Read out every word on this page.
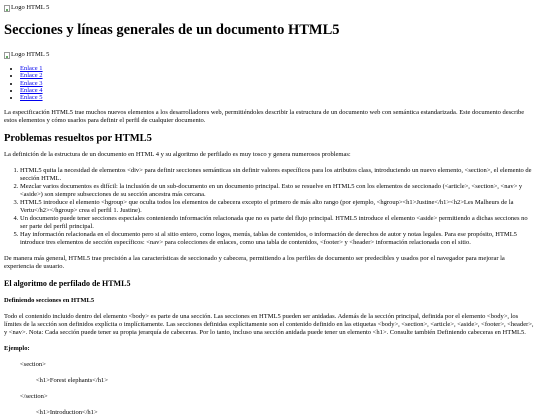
Logo HTML 5
Secciones y líneas generales de un documento HTML5
Logo HTML 5
• Enlace 1
• Enlace 2
• Enlace 3
• Enlace 4
• Enlace 5

La especificación HTML5 trae muchos nuevos elementos a los desarrolladores web, permitiéndoles describir la estructura de un documento web con semántica estandarizada. Este documento describe estos elementos y cómo usarlos para definir el perfil de cualquier documento.

Problemas resueltos por HTML5

La definición de la estructura de un documento en HTML 4 y su algoritmo de perfilado es muy tosco y genera numerosos problemas:

1. HTML5 quita la necesidad de elementos <div> para definir secciones semánticas sin definir valores específicos para los atributos class, introduciendo un nuevo elemento, <section>, el elemento de sección HTML.
2. Mezclar varios documentos es difícil: la inclusión de un sub-documento en un documento principal. Esto se resuelve en HTML5 con los elementos de seccionado (<article>, <section>, <nav> y <aside>) son siempre subsecciones de su sección ancestra más cercana.
3. HTML5 introduce el elemento <hgroup> que oculta todos los elementos de cabecera excepto el primero de más alto rango (por ejemplo, <hgroup><h1>Justine</h1><h2>Les Malheurs de la Vertu</h2></hgroup> crea el perfil 1. Justine).
4. Un documento puede tener secciones especiales conteniendo información relacionada que no es parte del flujo principal. HTML5 introduce el elemento <aside> permitiendo a dichas secciones no ser parte del perfil principal.
5. Hay información relacionada en el documento pero si al sitio entero, como logos, menús, tablas de contenidos, o información de derechos de autor y notas legales. Para ese propósito, HTML5 introduce tres elementos de sección específicos: <nav> para colecciones de enlaces, como una tabla de contenidos, <footer> y <header> información relacionada con el sitio.

De manera más general, HTML5 trae precisión a las características de seccionado y cabecera, permitiendo a los perfiles de documento ser predecibles y usados por el navegador para mejorar la experiencia de usuario.

El algoritmo de perfilado de HTML5
Definiendo secciones en HTML5

Todo el contenido incluido dentro del elemento <body> es parte de una sección. Las secciones en HTML5 pueden ser anidadas. Además de la sección principal, definida por el elemento <body>, los límites de la sección son definidos explícita o implícitamente. Las secciones definidas explícitamente son el contenido definido en las etiquetas <body>, <section>, <article>, <aside>, <footer>, <header>, y <nav>. Nota: Cada sección puede tener su propia jerarquía de cabeceras. Por lo tanto, incluso una sección anidada puede tener un elemento <h1>. Consulte también Definiendo cabeceras en HTML5.

Ejemplo:
<section>
<h1>Forest elephants</h1>
</section>
<h1>Introduction</h1>
